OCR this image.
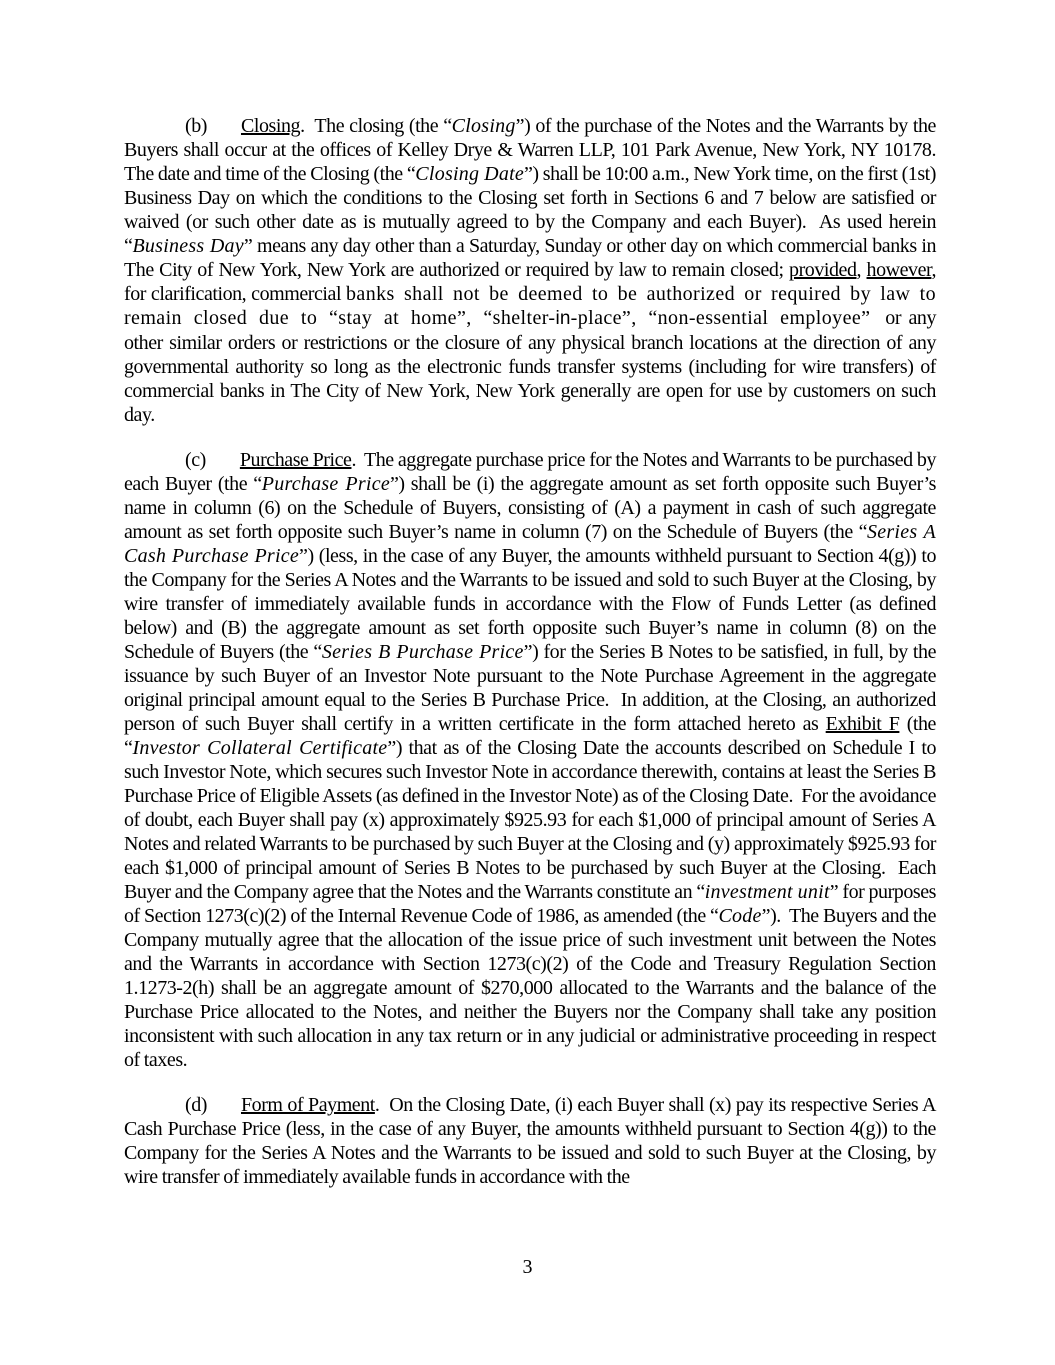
(b) Closing.  The closing (the “Closing”) of the purchase of the Notes and the Warrants by the Buyers shall occur at the offices of Kelley Drye & Warren LLP, 101 Park Avenue, New York, NY 10178. The date and time of the Closing (the “Closing Date”) shall be 10:00 a.m., New York time, on the first (1st) Business Day on which the conditions to the Closing set forth in Sections 6 and 7 below are satisfied or waived (or such other date as is mutually agreed to by the Company and each Buyer).  As used herein “Business Day” means any day other than a Saturday, Sunday or other day on which commercial banks in The City of New York, New York are authorized or required by law to remain closed; provided, however, for clarification, commercial banks shall not be deemed to be authorized or required by law to remain closed due to “stay at home”, “shelter-in-place”, “non-essential employee”  or any other similar orders or restrictions or the closure of any physical branch locations at the direction of any governmental authority so long as the electronic funds transfer systems (including for wire transfers) of commercial banks in The City of New York, New York generally are open for use by customers on such day.

(c) Purchase Price.  The aggregate purchase price for the Notes and Warrants to be purchased by each Buyer (the “Purchase Price”) shall be (i) the aggregate amount as set forth opposite such Buyer’s name in column (6) on the Schedule of Buyers, consisting of (A) a payment in cash of such aggregate amount as set forth opposite such Buyer’s name in column (7) on the Schedule of Buyers (the “Series A Cash Purchase Price”) (less, in the case of any Buyer, the amounts withheld pursuant to Section 4(g)) to the Company for the Series A Notes and the Warrants to be issued and sold to such Buyer at the Closing, by wire transfer of immediately available funds in accordance with the Flow of Funds Letter (as defined below) and (B) the aggregate amount as set forth opposite such Buyer’s name in column (8) on the Schedule of Buyers (the “Series B Purchase Price”) for the Series B Notes to be satisfied, in full, by the issuance by such Buyer of an Investor Note pursuant to the Note Purchase Agreement in the aggregate original principal amount equal to the Series B Purchase Price.  In addition, at the Closing, an authorized person of such Buyer shall certify in a written certificate in the form attached hereto as Exhibit F (the “Investor Collateral Certificate”) that as of the Closing Date the accounts described on Schedule I to such Investor Note, which secures such Investor Note in accordance therewith, contains at least the Series B Purchase Price of Eligible Assets (as defined in the Investor Note) as of the Closing Date.  For the avoidance of doubt, each Buyer shall pay (x) approximately $925.93 for each $1,000 of principal amount of Series A Notes and related Warrants to be purchased by such Buyer at the Closing and (y) approximately $925.93 for each $1,000 of principal amount of Series B Notes to be purchased by such Buyer at the Closing.  Each Buyer and the Company agree that the Notes and the Warrants constitute an “investment unit” for purposes of Section 1273(c)(2) of the Internal Revenue Code of 1986, as amended (the “Code”).  The Buyers and the Company mutually agree that the allocation of the issue price of such investment unit between the Notes and the Warrants in accordance with Section 1273(c)(2) of the Code and Treasury Regulation Section 1.1273-2(h) shall be an aggregate amount of $270,000 allocated to the Warrants and the balance of the Purchase Price allocated to the Notes, and neither the Buyers nor the Company shall take any position inconsistent with such allocation in any tax return or in any judicial or administrative proceeding in respect of taxes.

(d) Form of Payment.  On the Closing Date, (i) each Buyer shall (x) pay its respective Series A Cash Purchase Price (less, in the case of any Buyer, the amounts withheld pursuant to Section 4(g)) to the Company for the Series A Notes and the Warrants to be issued and sold to such Buyer at the Closing, by wire transfer of immediately available funds in accordance with the

3
